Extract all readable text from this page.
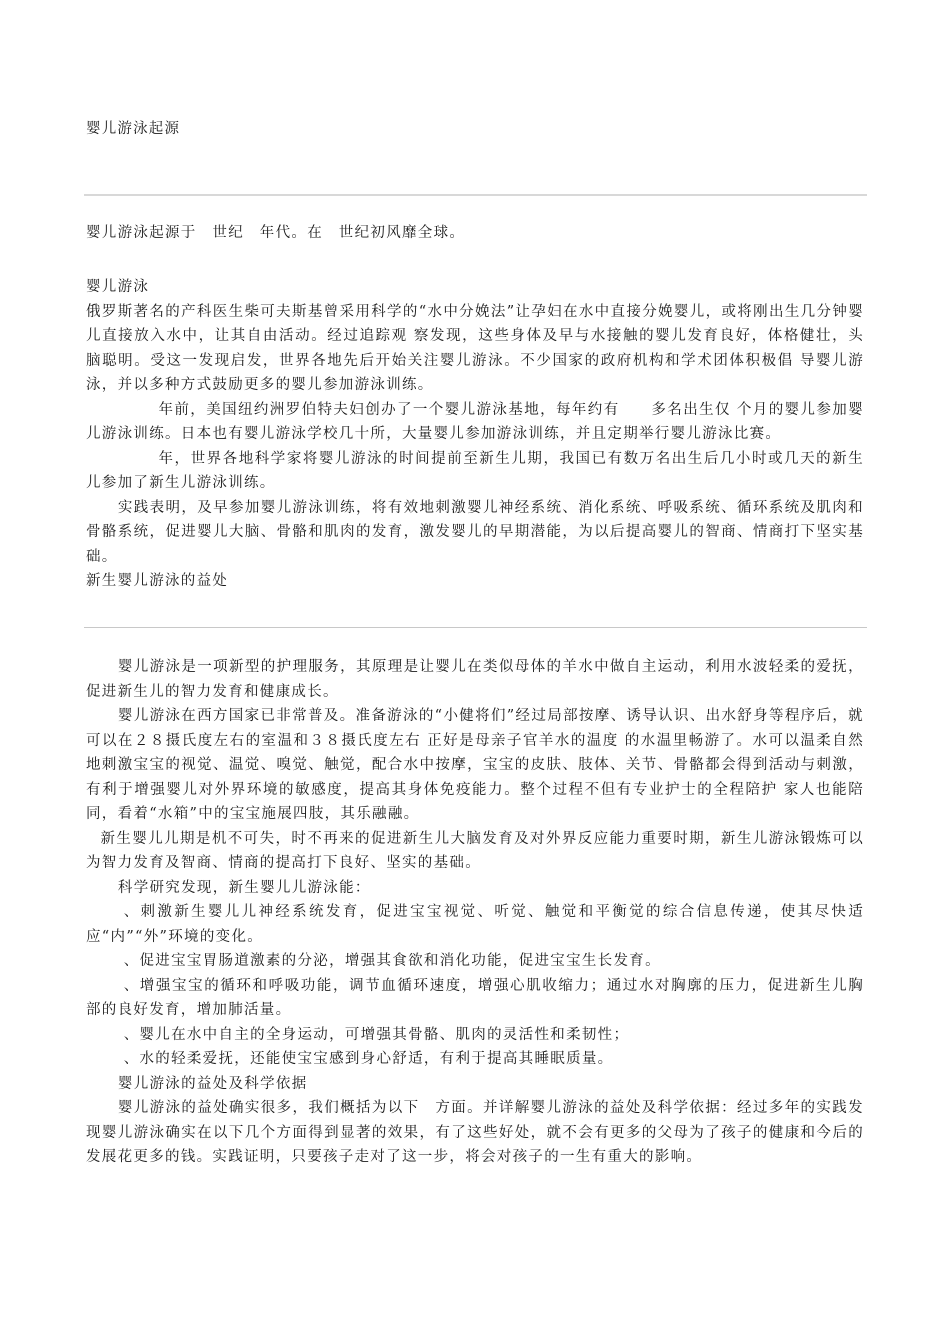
婴儿游泳起源

婴儿游泳起源于　世纪　年代。在　世纪初风靡全球。

婴儿游泳

俄罗斯著名的产科医生柴可夫斯基曾采用科学的“水中分娩法”让孕妇在水中直接分娩婴儿，或将刚出生几分钟婴儿直接放入水中，让其自由活动。经过追踪观 察发现，这些身体及早与水接触的婴儿发育良好，体格健壮，头脑聪明。受这一发现启发，世界各地先后开始关注婴儿游泳。不少国家的政府机构和学术团体积极倡 导婴儿游泳，并以多种方式鼓励更多的婴儿参加游泳训练。

年前，美国纽约洲罗伯特夫妇创办了一个婴儿游泳基地，每年约有　　多名出生仅 个月的婴儿参加婴儿游泳训练。日本也有婴儿游泳学校几十所，大量婴儿参加游泳训练，并且定期举行婴儿游泳比赛。

年，世界各地科学家将婴儿游泳的时间提前至新生儿期，我国已有数万名出生后几小时或几天的新生儿参加了新生儿游泳训练。

实践表明，及早参加婴儿游泳训练，将有效地刺激婴儿神经系统、消化系统、呼吸系统、循环系统及肌肉和骨骼系统，促进婴儿大脑、骨骼和肌肉的发育，激发婴儿的早期潜能，为以后提高婴儿的智商、情商打下坚实基础。

新生婴儿游泳的益处

婴儿游泳是一项新型的护理服务，其原理是让婴儿在类似母体的羊水中做自主运动，利用水波轻柔的爱抚，促进新生儿的智力发育和健康成长。

婴儿游泳在西方国家已非常普及。准备游泳的“小健将们”经过局部按摩、诱导认识、出水舒身等程序后，就可以在２８摄氏度左右的室温和３８摄氏度左右 正好是母亲子官羊水的温度 的水温里畅游了。水可以温柔自然地刺激宝宝的视觉、温觉、嗅觉、触觉，配合水中按摩，宝宝的皮肤、肢体、关节、骨骼都会得到活动与刺激，有利于增强婴儿对外界环境的敏感度，提高其身体免疫能力。整个过程不但有专业护士的全程陪护 家人也能陪同，看着“水箱”中的宝宝施展四肢，其乐融融。

新生婴儿儿期是机不可失，时不再来的促进新生儿大脑发育及对外界反应能力重要时期，新生儿游泳锻炼可以为智力发育及智商、情商的提高打下良好、坚实的基础。

科学研究发现，新生婴儿儿游泳能：

、刺激新生婴儿儿神经系统发育，促进宝宝视觉、听觉、触觉和平衡觉的综合信息传递，使其尽快适应“内”“外”环境的变化。

、促进宝宝胃肠道激素的分泌，增强其食欲和消化功能，促进宝宝生长发育。

、增强宝宝的循环和呼吸功能，调节血循环速度，增强心肌收缩力；通过水对胸廓的压力，促进新生儿胸部的良好发育，增加肺活量。

、婴儿在水中自主的全身运动，可增强其骨骼、肌肉的灵活性和柔韧性；

、水的轻柔爱抚，还能使宝宝感到身心舒适，有利于提高其睡眠质量。

婴儿游泳的益处及科学依据

婴儿游泳的益处确实很多，我们概括为以下　方面。并详解婴儿游泳的益处及科学依据：经过多年的实践发现婴儿游泳确实在以下几个方面得到显著的效果，有了这些好处，就不会有更多的父母为了孩子的健康和今后的发展花更多的钱。实践证明，只要孩子走对了这一步，将会对孩子的一生有重大的影响。
